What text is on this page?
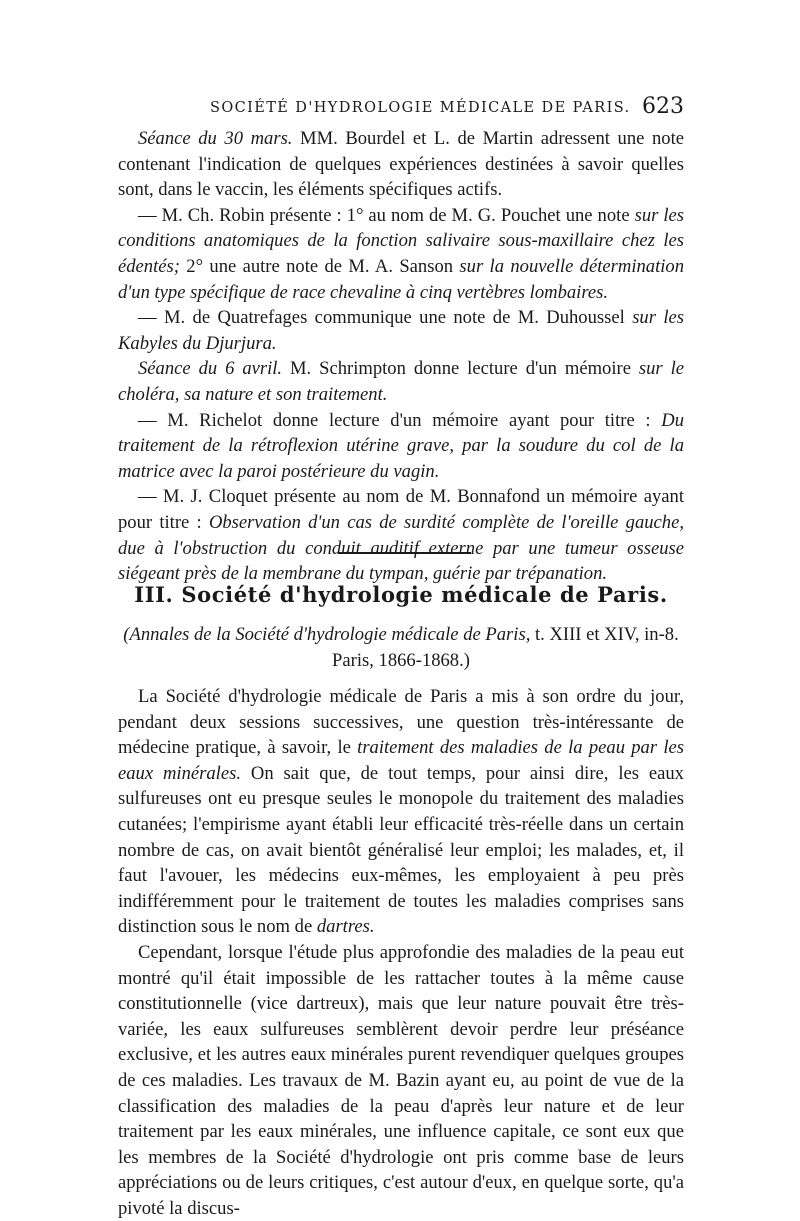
SOCIÉTÉ D'HYDROLOGIE MÉDICALE DE PARIS. 623

Séance du 30 mars. MM. Bourdel et L. de Martin adressent une note contenant l'indication de quelques expériences destinées à savoir quelles sont, dans le vaccin, les éléments spécifiques actifs.

— M. Ch. Robin présente : 1° au nom de M. G. Pouchet une note sur les conditions anatomiques de la fonction salivaire sous-maxillaire chez les édentés; 2° une autre note de M. A. Sanson sur la nouvelle détermination d'un type spécifique de race chevaline à cinq vertèbres lombaires.

— M. de Quatrefages communique une note de M. Duhoussel sur les Kabyles du Djurjura.

Séance du 6 avril. M. Schrimpton donne lecture d'un mémoire sur le choléra, sa nature et son traitement.

— M. Richelot donne lecture d'un mémoire ayant pour titre : Du traitement de la rétroflexion utérine grave, par la soudure du col de la matrice avec la paroi postérieure du vagin.

— M. J. Cloquet présente au nom de M. Bonnafond un mémoire ayant pour titre : Observation d'un cas de surdité complète de l'oreille gauche, due à l'obstruction du conduit auditif externe par une tumeur osseuse siégeant près de la membrane du tympan, guérie par trépanation.

III. Société d'hydrologie médicale de Paris.
(Annales de la Société d'hydrologie médicale de Paris, t. XIII et XIV, in-8. Paris, 1866-1868.)

La Société d'hydrologie médicale de Paris a mis à son ordre du jour, pendant deux sessions successives, une question très-intéressante de médecine pratique, à savoir, le traitement des maladies de la peau par les eaux minérales. On sait que, de tout temps, pour ainsi dire, les eaux sulfureuses ont eu presque seules le monopole du traitement des maladies cutanées; l'empirisme ayant établi leur efficacité très-réelle dans un certain nombre de cas, on avait bientôt généralisé leur emploi; les malades, et, il faut l'avouer, les médecins eux-mêmes, les employaient à peu près indifféremment pour le traitement de toutes les maladies comprises sans distinction sous le nom de dartres.

Cependant, lorsque l'étude plus approfondie des maladies de la peau eut montré qu'il était impossible de les rattacher toutes à la même cause constitutionnelle (vice dartreux), mais que leur nature pouvait être très-variée, les eaux sulfureuses semblèrent devoir perdre leur préséance exclusive, et les autres eaux minérales purent revendiquer quelques groupes de ces maladies. Les travaux de M. Bazin ayant eu, au point de vue de la classification des maladies de la peau d'après leur nature et de leur traitement par les eaux minérales, une influence capitale, ce sont eux que les membres de la Société d'hydrologie ont pris comme base de leurs appréciations ou de leurs critiques, c'est autour d'eux, en quelque sorte, qu'a pivoté la discus-
